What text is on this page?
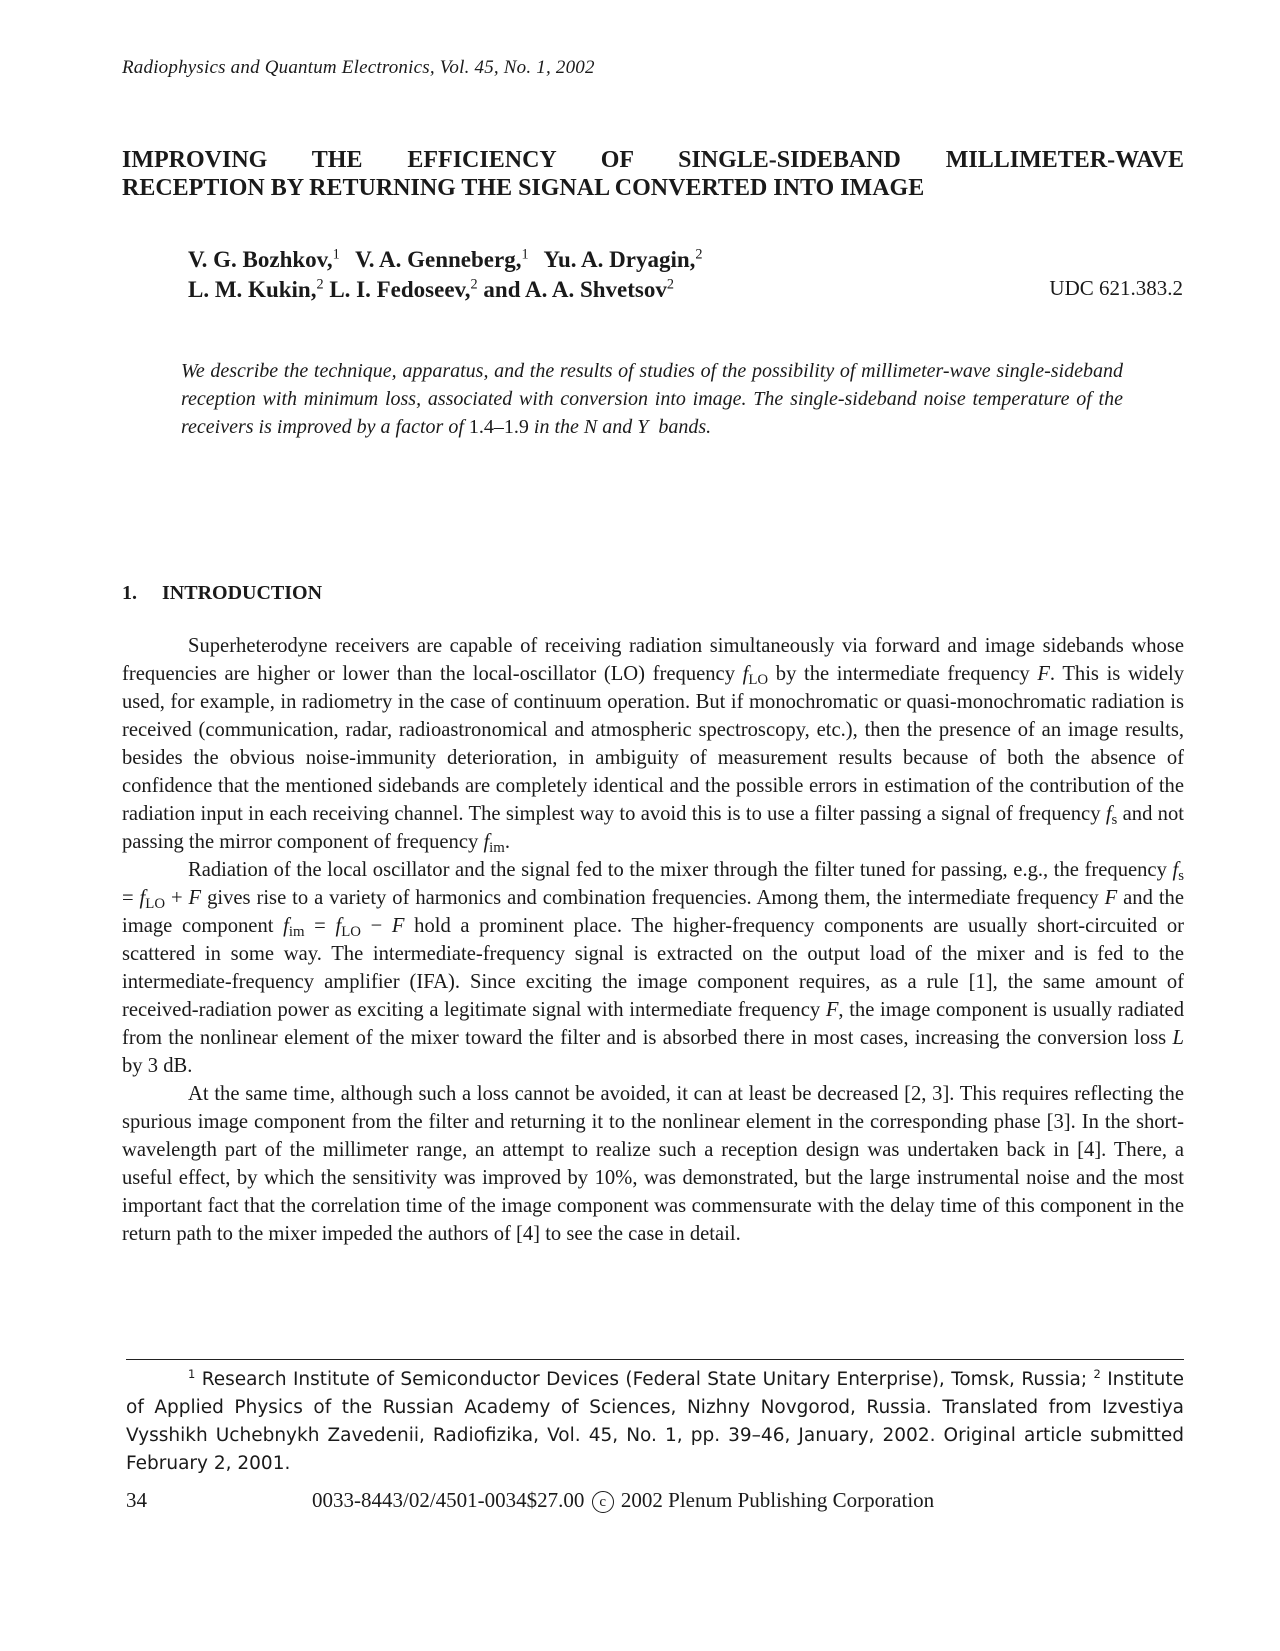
Radiophysics and Quantum Electronics, Vol. 45, No. 1, 2002
IMPROVING THE EFFICIENCY OF SINGLE-SIDEBAND MILLIMETER-WAVE
RECEPTION BY RETURNING THE SIGNAL CONVERTED INTO IMAGE
V. G. Bozhkov,$^1$ V. A. Genneberg,$^1$ Yu. A. Dryagin,$^2$
L. M. Kukin,$^2$ L. I. Fedoseev,$^2$ and A. A. Shvetsov$^2$	UDC 621.383.2
We describe the technique, apparatus, and the results of studies of the possibility of millimeter-wave single-sideband reception with minimum loss, associated with conversion into image. The single-sideband noise temperature of the receivers is improved by a factor of 1.4–1.9 in the N and Y bands.
1. INTRODUCTION

Superheterodyne receivers are capable of receiving radiation simultaneously via forward and image sidebands whose frequencies are higher or lower than the local-oscillator (LO) frequency $f_{LO}$ by the intermediate frequency F. This is widely used, for example, in radiometry in the case of continuum operation. But if monochromatic or quasi-monochromatic radiation is received (communication, radar, radioastronomical and atmospheric spectroscopy, etc.), then the presence of an image results, besides the obvious noise-immunity deterioration, in ambiguity of measurement results because of both the absence of confidence that the mentioned sidebands are completely identical and the possible errors in estimation of the contribution of the radiation input in each receiving channel. The simplest way to avoid this is to use a filter passing a signal of frequency $f_s$ and not passing the mirror component of frequency $f_{im}$.

Radiation of the local oscillator and the signal fed to the mixer through the filter tuned for passing, e.g., the frequency $f_s = f_{LO} + F$ gives rise to a variety of harmonics and combination frequencies. Among them, the intermediate frequency F and the image component $f_{im} = f_{LO} - F$ hold a prominent place. The higher-frequency components are usually short-circuited or scattered in some way. The intermediate-frequency signal is extracted on the output load of the mixer and is fed to the intermediate-frequency amplifier (IFA). Since exciting the image component requires, as a rule [1], the same amount of received-radiation power as exciting a legitimate signal with intermediate frequency F, the image component is usually radiated from the nonlinear element of the mixer toward the filter and is absorbed there in most cases, increasing the conversion loss L by 3 dB.

At the same time, although such a loss cannot be avoided, it can at least be decreased [2, 3]. This requires reflecting the spurious image component from the filter and returning it to the nonlinear element in the corresponding phase [3]. In the short-wavelength part of the millimeter range, an attempt to realize such a reception design was undertaken back in [4]. There, a useful effect, by which the sensitivity was improved by 10%, was demonstrated, but the large instrumental noise and the most important fact that the correlation time of the image component was commensurate with the delay time of this component in the return path to the mixer impeded the authors of [4] to see the case in detail.

$^1$ Research Institute of Semiconductor Devices (Federal State Unitary Enterprise), Tomsk, Russia; $^2$ Institute of Applied Physics of the Russian Academy of Sciences, Nizhny Novgorod, Russia. Translated from Izvestiya Vysshikh Uchebnykh Zavedenii, Radiofizika, Vol. 45, No. 1, pp. 39–46, January, 2002. Original article submitted February 2, 2001.
34	0033-8443/02/4501-0034$27.00 c 2002 Plenum Publishing Corporation
